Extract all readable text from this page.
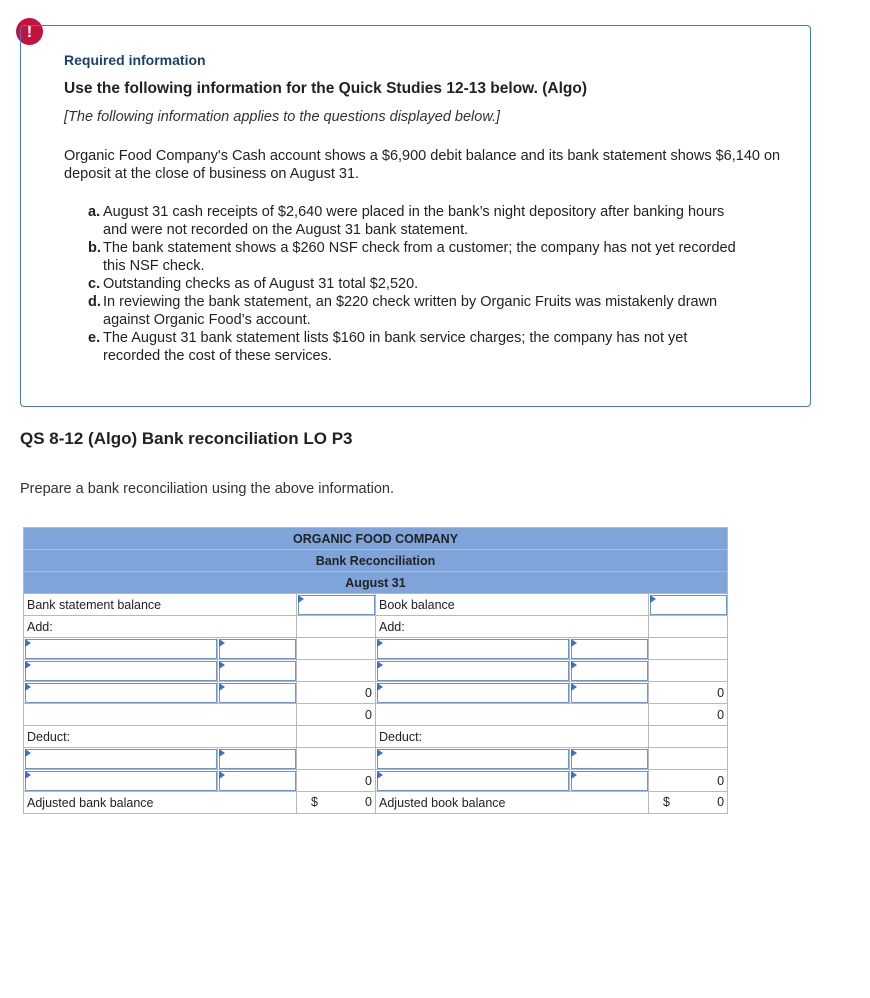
!
Required information
Use the following information for the Quick Studies 12-13 below. (Algo)
[The following information applies to the questions displayed below.]
Organic Food Company's Cash account shows a $6,900 debit balance and its bank statement shows $6,140 on deposit at the close of business on August 31.
a. August 31 cash receipts of $2,640 were placed in the bank’s night depository after banking hours and were not recorded on the August 31 bank statement.
b. The bank statement shows a $260 NSF check from a customer; the company has not yet recorded this NSF check.
c. Outstanding checks as of August 31 total $2,520.
d. In reviewing the bank statement, an $220 check written by Organic Fruits was mistakenly drawn against Organic Food’s account.
e. The August 31 bank statement lists $160 in bank service charges; the company has not yet recorded the cost of these services.
QS 8-12 (Algo) Bank reconciliation LO P3
Prepare a bank reconciliation using the above information.
ORGANIC FOOD COMPANY					
Bank Reconciliation					
August 31					
Bank statement balance			Book balance		
Add:			Add:		

		0			0
		0			0
Deduct:			Deduct:		

		0			0
Adjusted bank balance		$ 0	Adjusted book balance		$ 0
